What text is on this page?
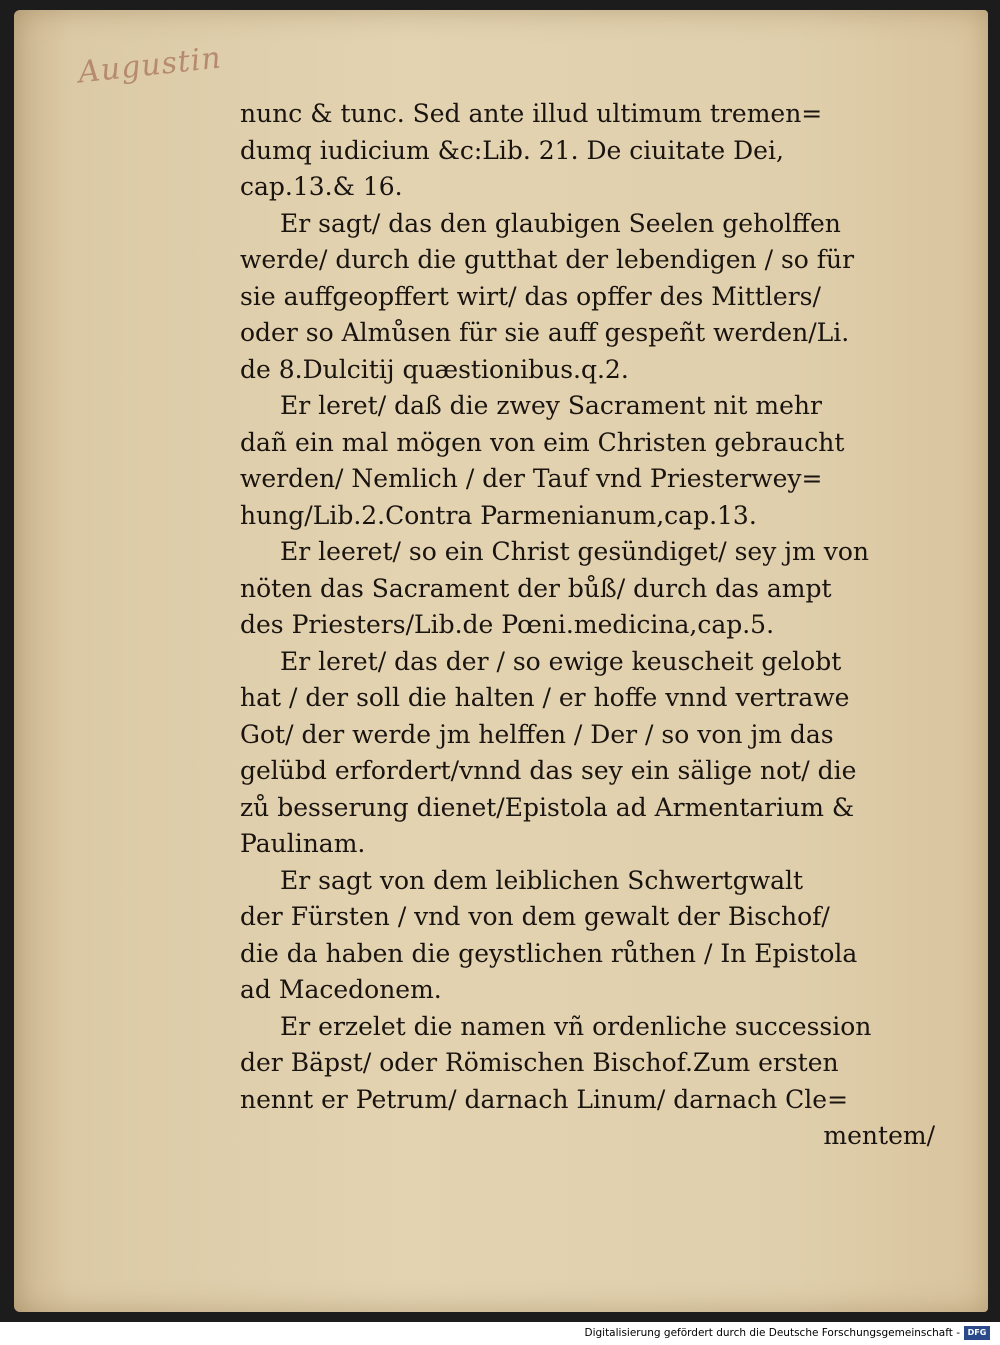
Augustin
nunc & tunc. Sed ante illud ultimum tremen=
dumq iudicium &c:Lib. 21. De ciuitate Dei,
cap.13.& 16.
Er sagt/ das den glaubigen Seelen geholffen
werde/ durch die gutthat der lebendigen / so für
sie auffgeopffert wirt/ das opffer des Mittlers/
oder so Almůsen für sie auff gespeñt werden/Li.
de 8.Dulcitij quæstionibus.q.2.
Er leret/ daß die zwey Sacrament nit mehr
dañ ein mal mögen von eim Christen gebraucht
werden/ Nemlich / der Tauf vnd Priesterwey=
hung/Lib.2.Contra Parmenianum,cap.13.
Er leeret/ so ein Christ gesündiget/ sey jm von
nöten das Sacrament der bůß/ durch das ampt
des Priesters/Lib.de Pœni.medicina,cap.5.
Er leret/ das der / so ewige keuscheit gelobt
hat / der soll die halten / er hoffe vnnd vertrawe
Got/ der werde jm helffen / Der / so von jm das
gelübd erfordert/vnnd das sey ein sälige not/ die
zů besserung dienet/Epistola ad Armentarium &
Paulinam.
Er sagt von dem leiblichen Schwertgwalt
der Fürsten / vnd von dem gewalt der Bischof/
die da haben die geystlichen růthen / In Epistola
ad Macedonem.
Er erzelet die namen vñ ordenliche succession
der Bäpst/ oder Römischen Bischof.Zum ersten
nennt er Petrum/ darnach Linum/ darnach Cle=
mentem/
Digitalisierung gefördert durch die Deutsche Forschungsgemeinschaft - DFG
